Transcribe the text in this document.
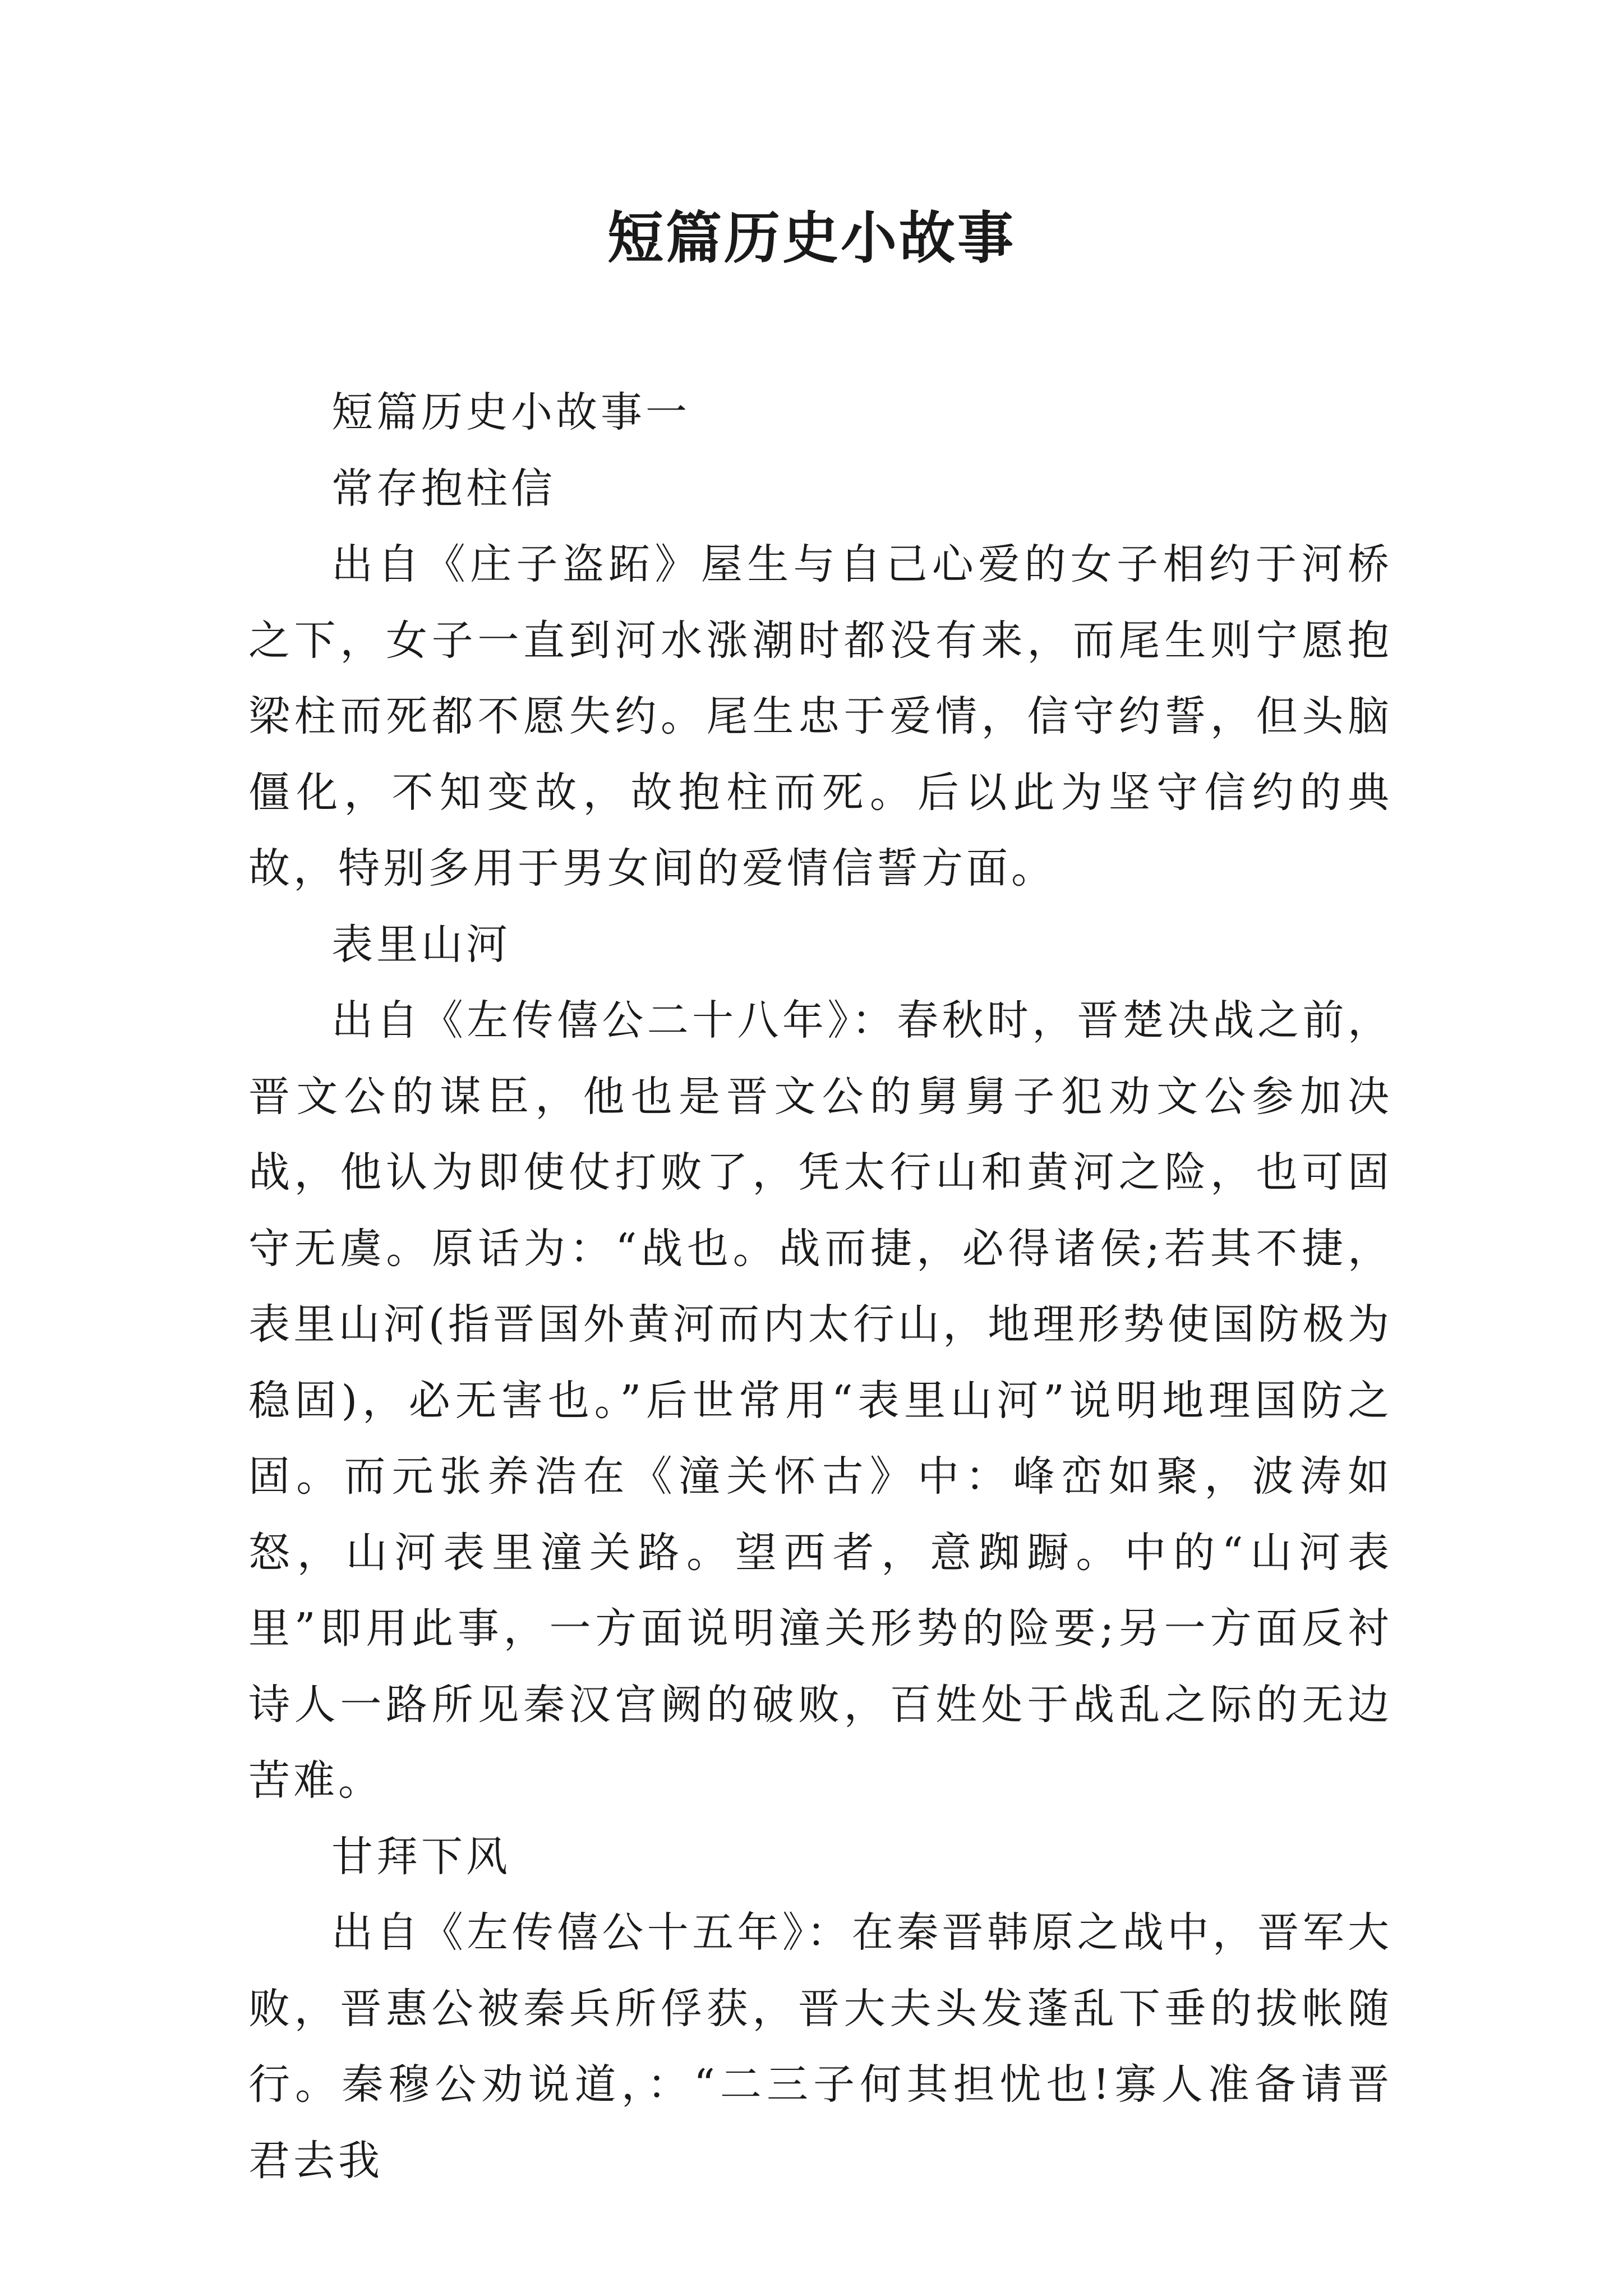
短篇历史小故事

短篇历史小故事一

常存抱柱信

出自《庄子盗跖》屋生与自己心爱的女子相约于河桥之下，女子一直到河水涨潮时都没有来，而尾生则宁愿抱梁柱而死都不愿失约。尾生忠于爱情，信守约誓，但头脑僵化，不知变故，故抱柱而死。后以此为坚守信约的典故，特别多用于男女间的爱情信誓方面。

表里山河

出自《左传僖公二十八年》：春秋时，晋楚决战之前，晋文公的谋臣，他也是晋文公的舅舅子犯劝文公参加决战，他认为即使仗打败了，凭太行山和黄河之险，也可固守无虞。原话为：“战也。战而捷，必得诸侯;若其不捷，表里山河(指晋国外黄河而内太行山，地理形势使国防极为稳固)，必无害也。”后世常用“表里山河”说明地理国防之固。而元张养浩在《潼关怀古》中：峰峦如聚，波涛如怒，山河表里潼关路。望西者，意踟蹰。中的“山河表里”即用此事，一方面说明潼关形势的险要;另一方面反衬诗人一路所见秦汉宫阙的破败，百姓处于战乱之际的无边苦难。

甘拜下风

出自《左传僖公十五年》：在秦晋韩原之战中，晋军大败，晋惠公被秦兵所俘获，晋大夫头发蓬乱下垂的拔帐随行。秦穆公劝说道，：“二三子何其担忧也!寡人准备请晋君去我
